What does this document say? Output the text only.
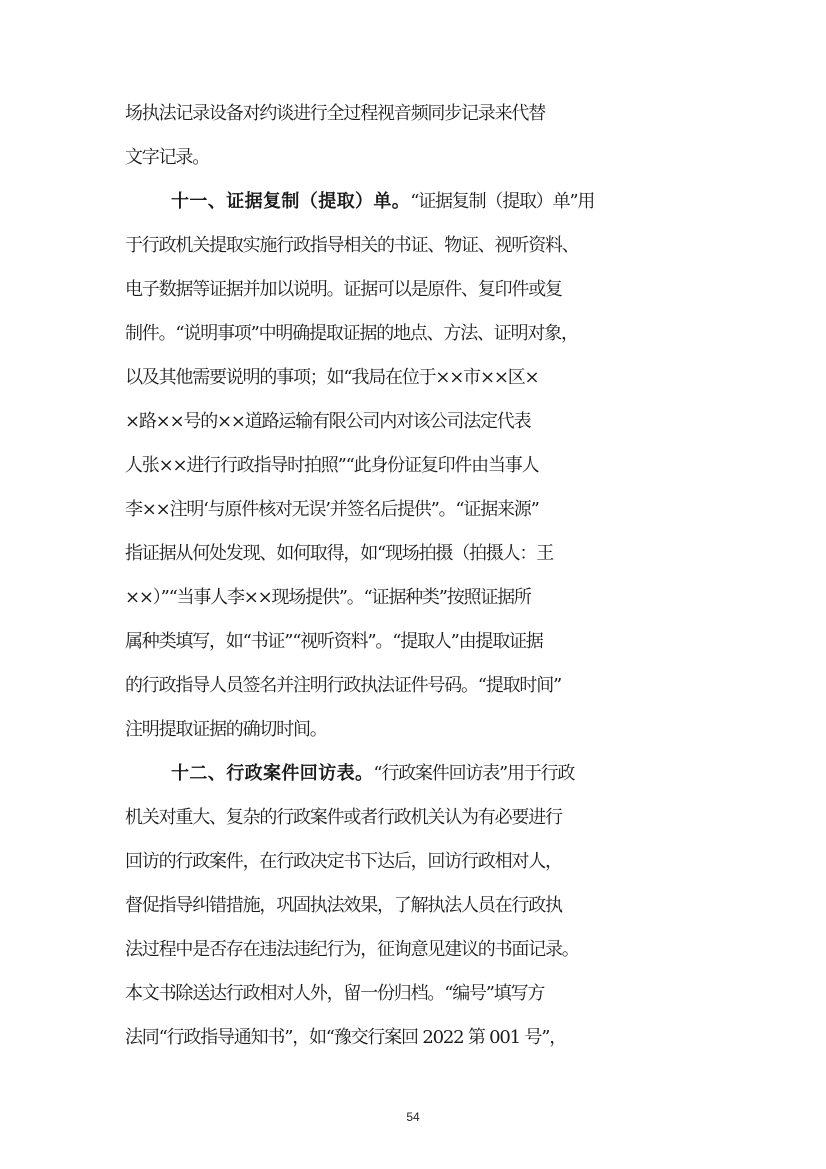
场执法记录设备对约谈进行全过程视音频同步记录来代替
文字记录。
十一、证据复制（提取）单。“证据复制（提取）单”用
于行政机关提取实施行政指导相关的书证、物证、视听资料、
电子数据等证据并加以说明。证据可以是原件、复印件或复
制件。“说明事项”中明确提取证据的地点、方法、证明对象，
以及其他需要说明的事项；如“我局在位于××市××区×
×路××号的××道路运输有限公司内对该公司法定代表
人张××进行行政指导时拍照”“此身份证复印件由当事人
李××注明‘与原件核对无误’并签名后提供”。“证据来源”
指证据从何处发现、如何取得，如“现场拍摄（拍摄人：王
××）”“当事人李××现场提供”。“证据种类”按照证据所
属种类填写，如“书证”“视听资料”。“提取人”由提取证据
的行政指导人员签名并注明行政执法证件号码。“提取时间”
注明提取证据的确切时间。
十二、行政案件回访表。“行政案件回访表”用于行政
机关对重大、复杂的行政案件或者行政机关认为有必要进行
回访的行政案件，在行政决定书下达后，回访行政相对人，
督促指导纠错措施，巩固执法效果，了解执法人员在行政执
法过程中是否存在违法违纪行为，征询意见建议的书面记录。
本文书除送达行政相对人外，留一份归档。“编号”填写方
法同“行政指导通知书”，如“豫交行案回 2022 第 001 号”，
54
